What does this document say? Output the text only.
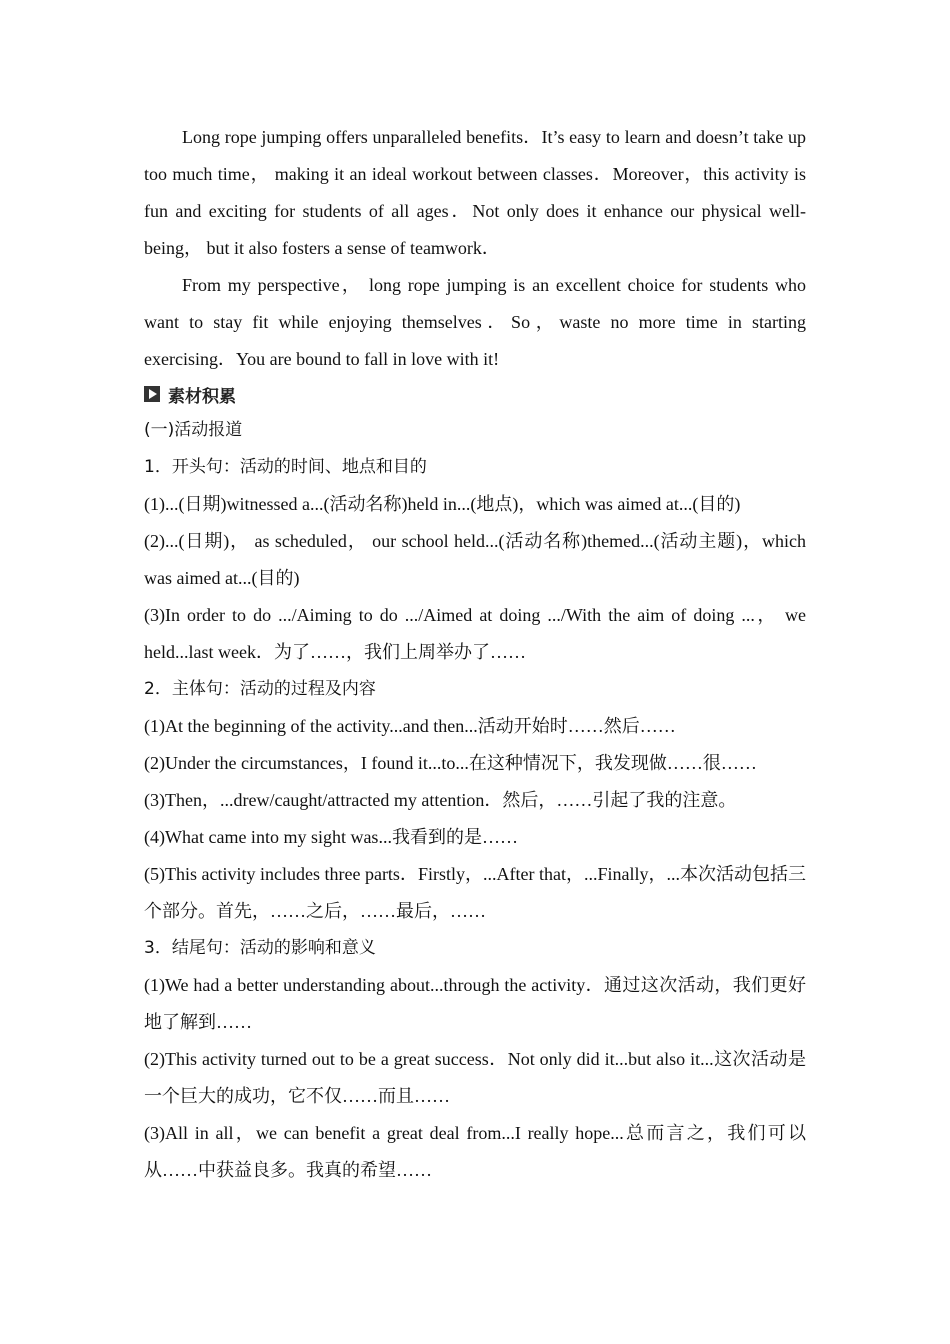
Long rope jumping offers unparalleled benefits．It’s easy to learn and doesn’t take up too much time， making it an ideal workout between classes．Moreover，this activity is fun and exciting for students of all ages．Not only does it enhance our physical well-being， but it also fosters a sense of teamwork．

From my perspective， long rope jumping is an excellent choice for students who want to stay fit while enjoying themselves．So，waste no more time in starting exercising．You are bound to fall in love with it!

素材积累

(一)活动报道

1．开头句：活动的时间、地点和目的

(1)...(日期)witnessed a...(活动名称)held in...(地点)，which was aimed at...(目的)

(2)...(日期)， as scheduled， our school held...(活动名称)themed...(活动主题)，which was aimed at...(目的)

(3)In order to do .../Aiming to do .../Aimed at doing .../With the aim of doing ...， we held...last week．为了……，我们上周举办了……

2．主体句：活动的过程及内容

(1)At the beginning of the activity...and then...活动开始时……然后……

(2)Under the circumstances，I found it...to...在这种情况下，我发现做……很……

(3)Then，...drew/caught/attracted my attention．然后，……引起了我的注意。

(4)What came into my sight was...我看到的是……

(5)This activity includes three parts．Firstly，...After that，...Finally，...本次活动包括三个部分。首先，……之后，……最后，……

3．结尾句：活动的影响和意义

(1)We had a better understanding about...through the activity．通过这次活动，我们更好地了解到……

(2)This activity turned out to be a great success．Not only did it...but also it...这次活动是一个巨大的成功，它不仅……而且……

(3)All in all，we can benefit a great deal from...I really hope...总而言之，我们可以从……中获益良多。我真的希望……
